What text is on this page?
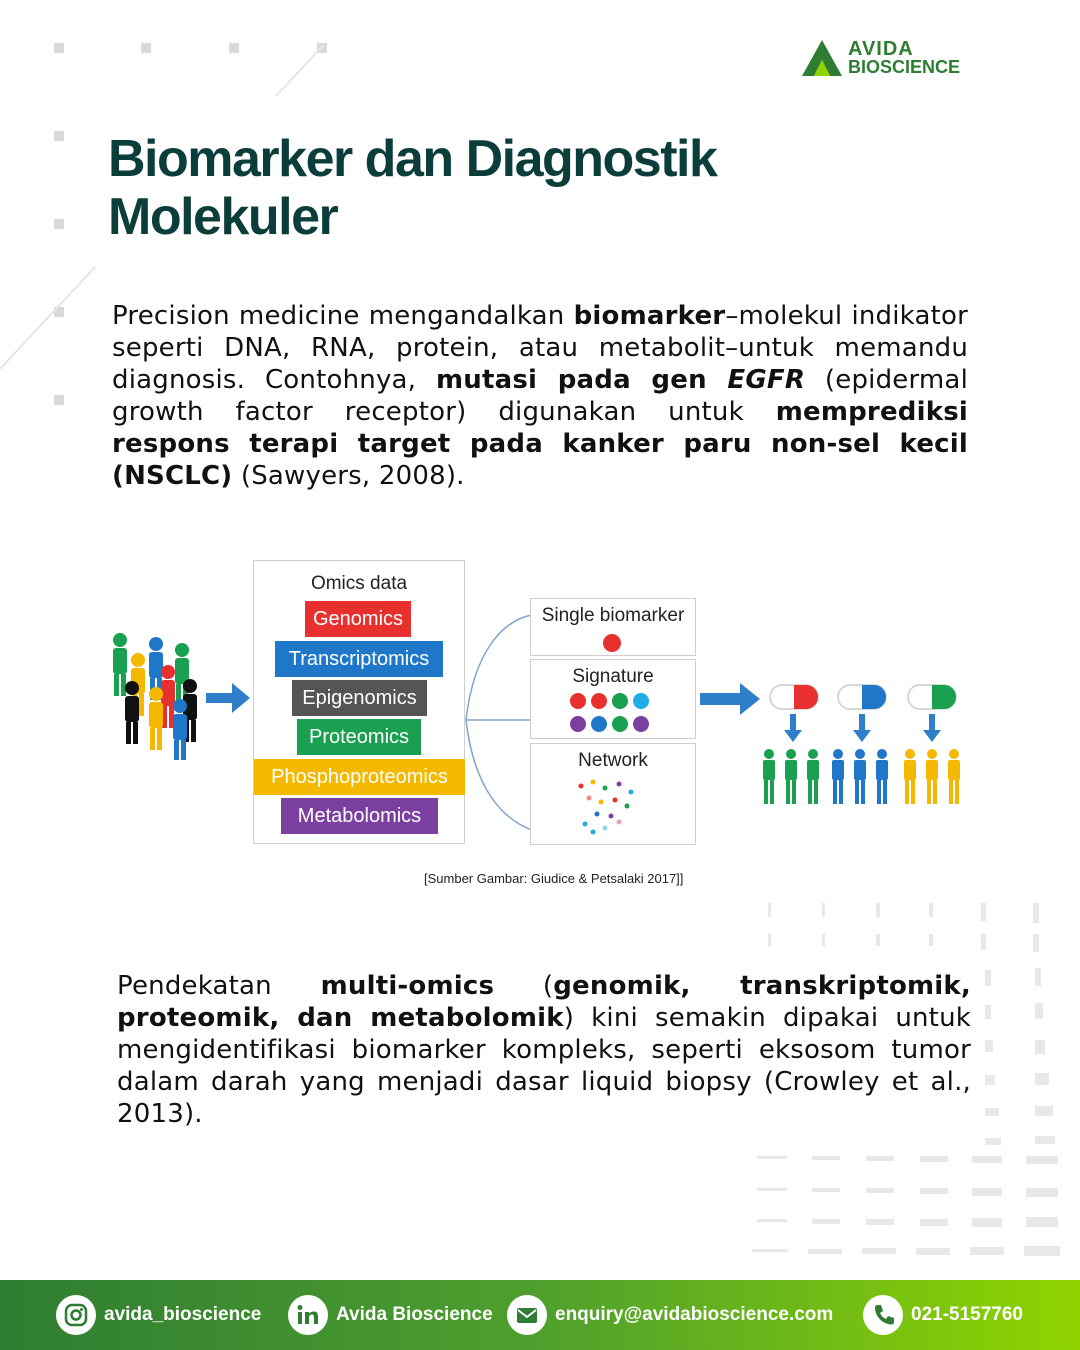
AVIDA
BIOSCIENCE
Biomarker dan Diagnostik
Molekuler
Precision medicine mengandalkan biomarker–molekul indikator seperti DNA, RNA, protein, atau metabolit–untuk memandu diagnosis. Contohnya, mutasi pada gen EGFR (epidermal growth factor receptor) digunakan untuk memprediksi respons terapi target pada kanker paru non-sel kecil (NSCLC) (Sawyers, 2008).
Omics data
Genomics
Transcriptomics
Epigenomics
Proteomics
Phosphoproteomics
Metabolomics
Single biomarker
Signature
Network
[Sumber Gambar: Giudice & Petsalaki 2017]]
Pendekatan multi-omics (genomik, transkriptomik, proteomik, dan metabolomik) kini semakin dipakai untuk mengidentifikasi biomarker kompleks, seperti eksosom tumor dalam darah yang menjadi dasar liquid biopsy (Crowley et al., 2013).
avida_bioscience	Avida Bioscience	enquiry@avidabioscience.com	021-5157760
